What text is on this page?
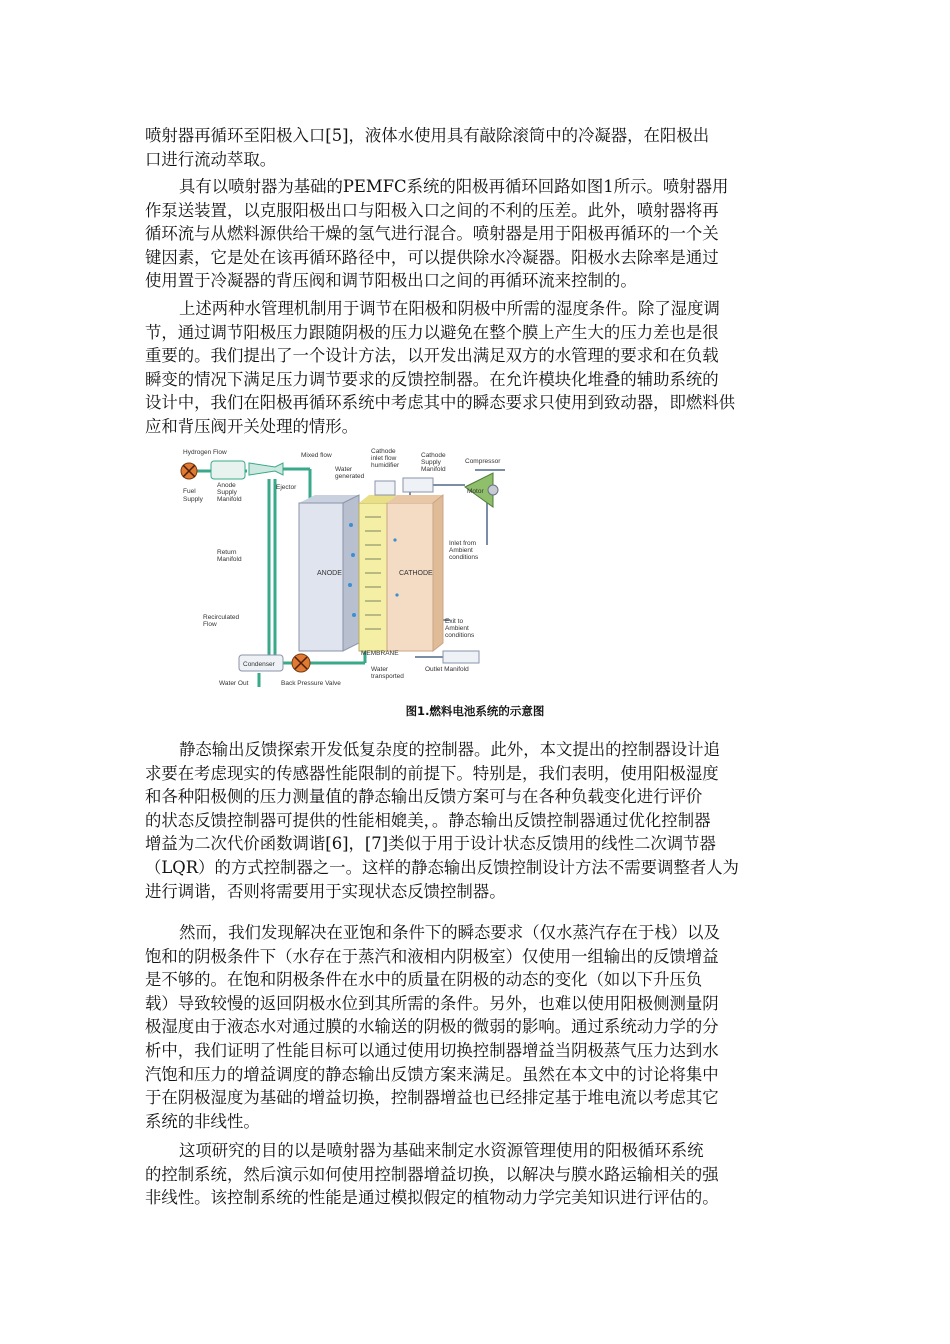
喷射器再循环至阳极入口[5]，液体水使用具有敲除滚筒中的冷凝器，在阳极出
口进行流动萃取。
具有以喷射器为基础的PEMFC系统的阳极再循环回路如图1所示。喷射器用
作泵送装置，以克服阳极出口与阳极入口之间的不利的压差。此外，喷射器将再
循环流与从燃料源供给干燥的氢气进行混合。喷射器是用于阳极再循环的一个关
键因素，它是处在该再循环路径中，可以提供除水冷凝器。阳极水去除率是通过
使用置于冷凝器的背压阀和调节阳极出口之间的再循环流来控制的。
上述两种水管理机制用于调节在阳极和阴极中所需的湿度条件。除了湿度调
节，通过调节阳极压力跟随阴极的压力以避免在整个膜上产生大的压力差也是很
重要的。我们提出了一个设计方法，以开发出满足双方的水管理的要求和在负载
瞬变的情况下满足压力调节要求的反馈控制器。在允许模块化堆叠的辅助系统的
设计中，我们在阳极再循环系统中考虑其中的瞬态要求只使用到致动器，即燃料供
应和背压阀开关处理的情形。
Hydrogen Flow
Fuel
Supply
Anode
Supply
Manifold
Ejector
Mixed flow
Water
generated
Cathode
inlet flow
humidifier
Cathode
Supply
Manifold
Compressor
Motor
Inlet from
Ambient
conditions
Return
Manifold
ANODE	CATHODE
Recirculated
Flow	Exit to
Ambient
conditions
MEMBRANE
Condenser
Outlet Manifold
Water
transported
Water Out	Back Pressure Valve
图1.燃料电池系统的示意图
静态输出反馈探索开发低复杂度的控制器。此外，本文提出的控制器设计追
求要在考虑现实的传感器性能限制的前提下。特别是，我们表明，使用阳极湿度
和各种阳极侧的压力测量值的静态输出反馈方案可与在各种负载变化进行评价
的状态反馈控制器可提供的性能相媲美，。静态输出反馈控制器通过优化控制器
增益为二次代价函数调谐[6]，[7]类似于用于设计状态反馈用的线性二次调节器
（LQR）的方式控制器之一。这样的静态输出反馈控制设计方法不需要调整者人为
进行调谐，否则将需要用于实现状态反馈控制器。
然而，我们发现解决在亚饱和条件下的瞬态要求（仅水蒸汽存在于栈）以及
饱和的阴极条件下（水存在于蒸汽和液相内阴极室）仅使用一组输出的反馈增益
是不够的。在饱和阴极条件在水中的质量在阴极的动态的变化（如以下升压负
载）导致较慢的返回阴极水位到其所需的条件。另外，也难以使用阳极侧测量阴
极湿度由于液态水对通过膜的水输送的阴极的微弱的影响。通过系统动力学的分
析中，我们证明了性能目标可以通过使用切换控制器增益当阴极蒸气压力达到水
汽饱和压力的增益调度的静态输出反馈方案来满足。虽然在本文中的讨论将集中
于在阴极湿度为基础的增益切换，控制器增益也已经排定基于堆电流以考虑其它
系统的非线性。
这项研究的目的以是喷射器为基础来制定水资源管理使用的阳极循环系统
的控制系统，然后演示如何使用控制器增益切换，以解决与膜水路运输相关的强
非线性。该控制系统的性能是通过模拟假定的植物动力学完美知识进行评估的。
